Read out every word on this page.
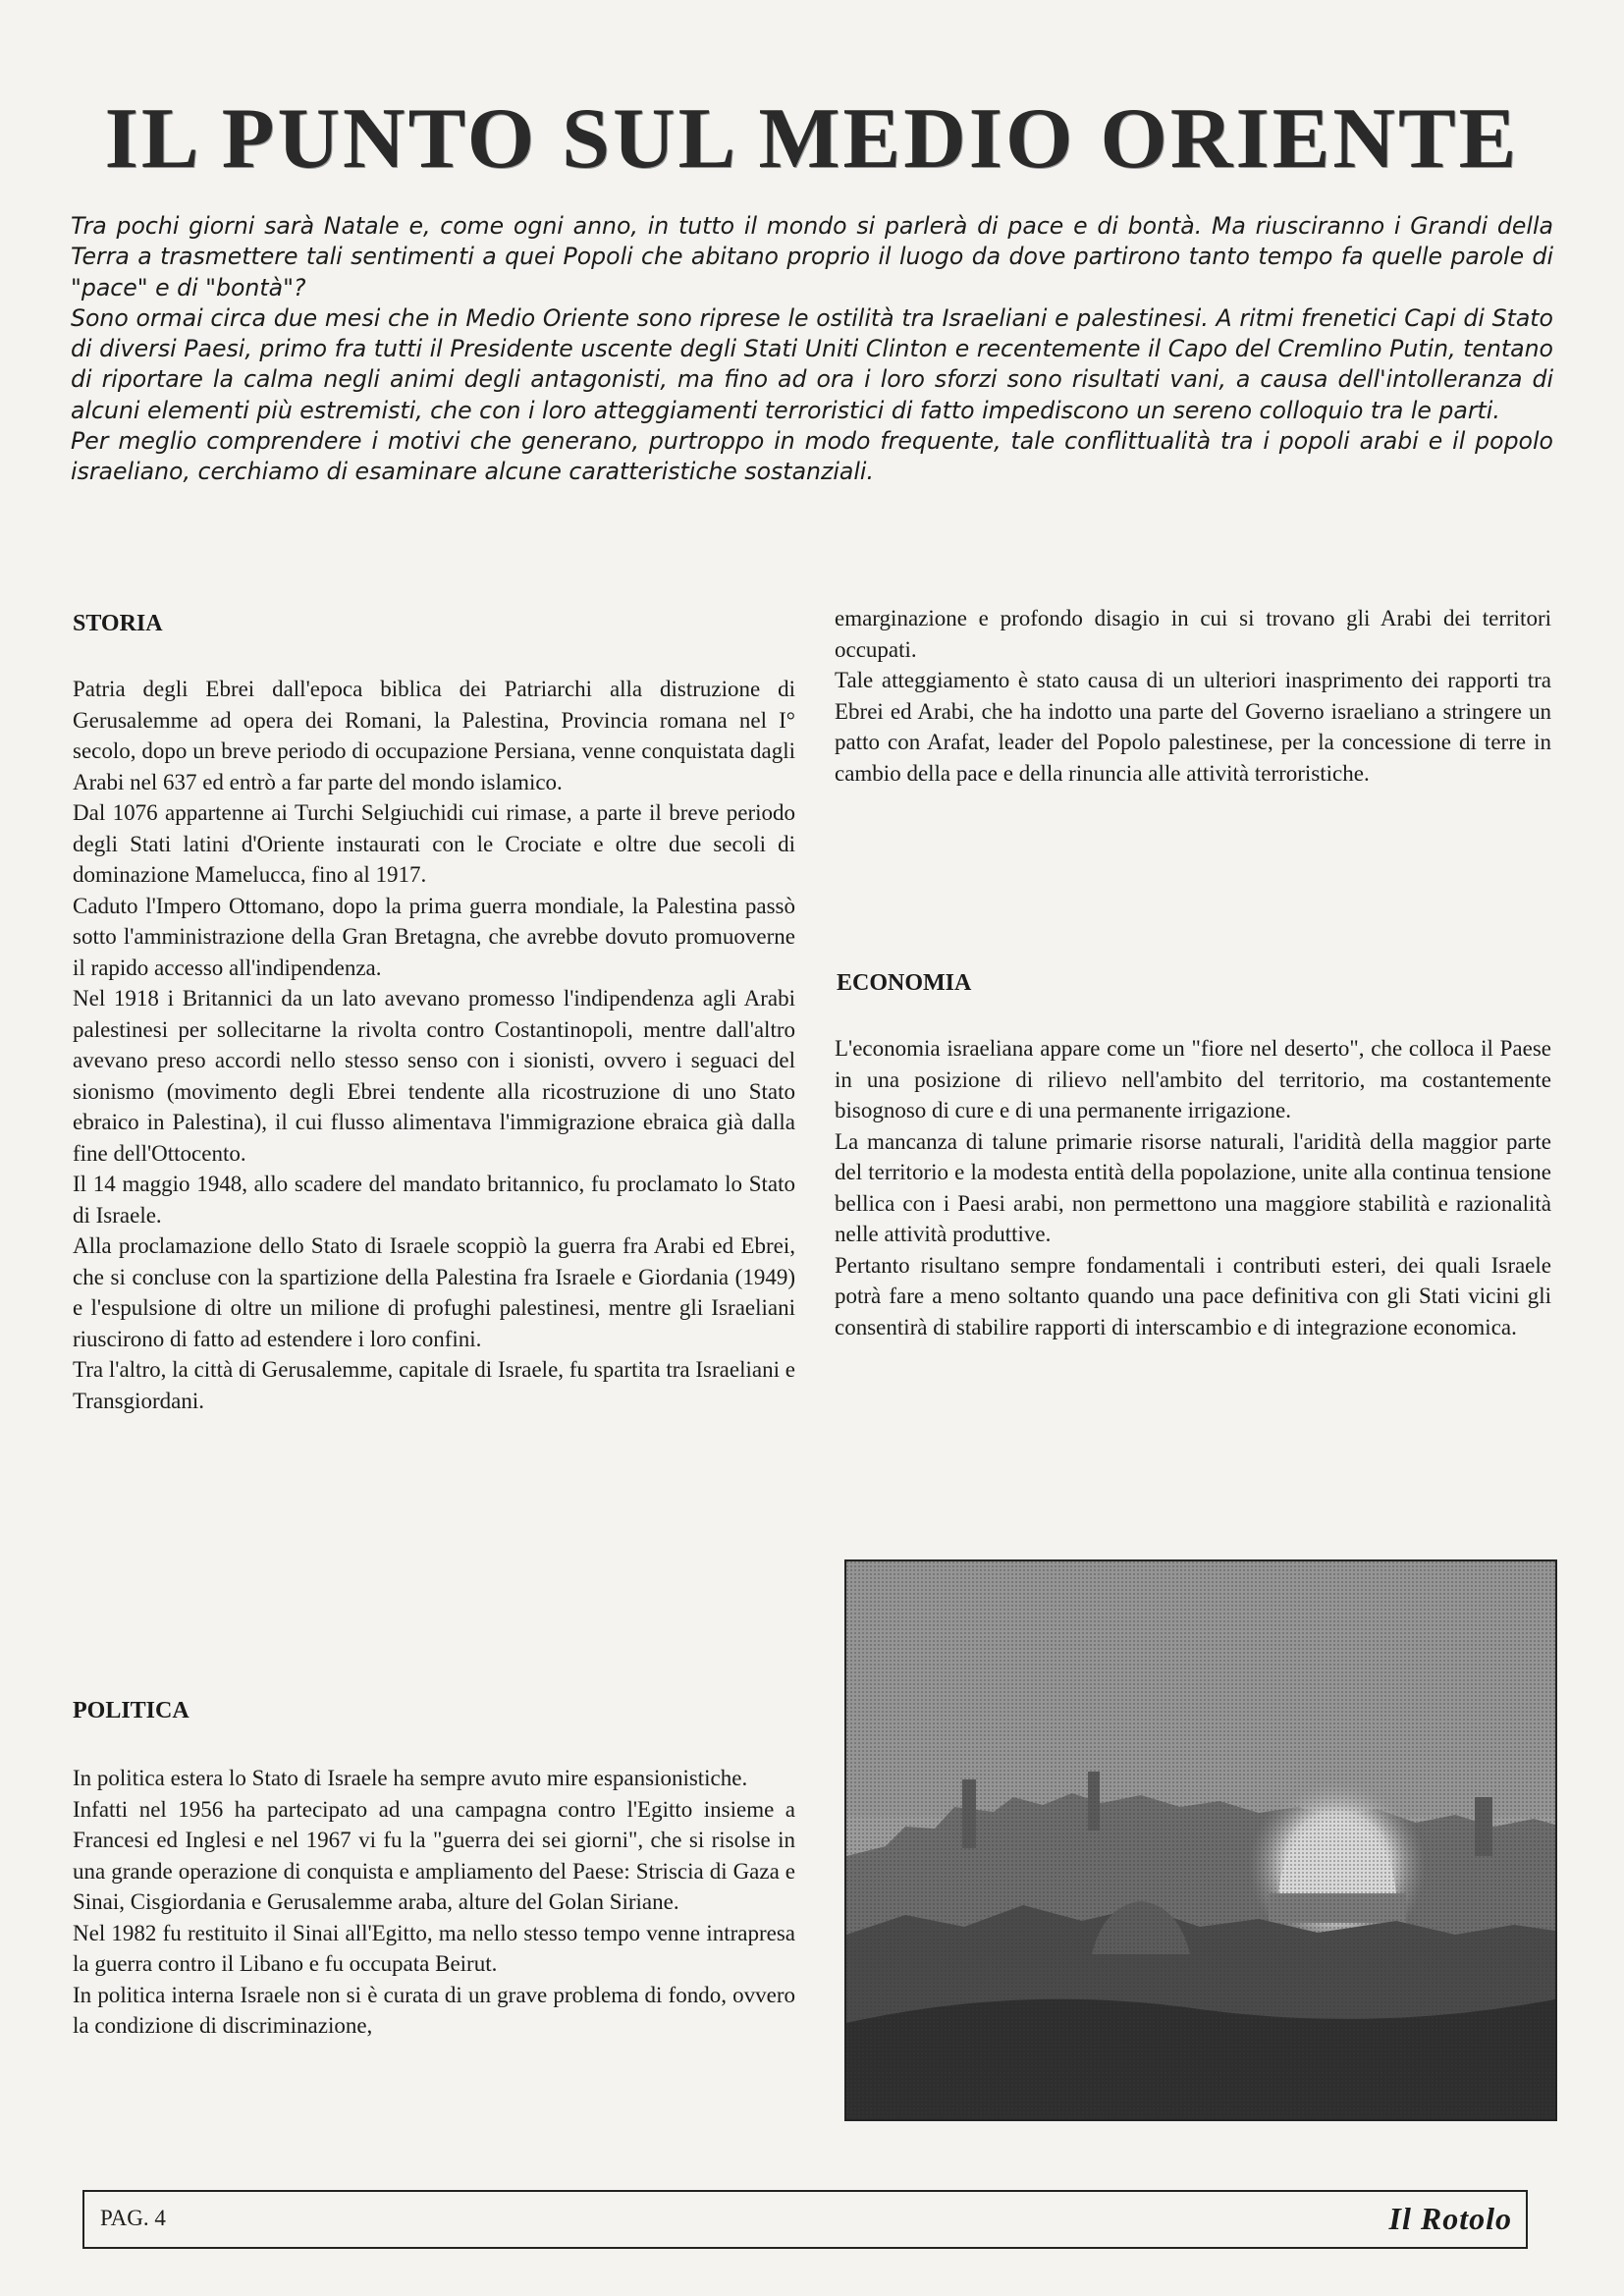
IL PUNTO SUL MEDIO ORIENTE

Tra pochi giorni sarà Natale e, come ogni anno, in tutto il mondo si parlerà di pace e di bontà. Ma riusciranno i Grandi della Terra a trasmettere tali sentimenti a quei Popoli che abitano proprio il luogo da dove partirono tanto tempo fa quelle parole di "pace" e di "bontà"?

Sono ormai circa due mesi che in Medio Oriente sono riprese le ostilità tra Israeliani e palestinesi. A ritmi frenetici Capi di Stato di diversi Paesi, primo fra tutti il Presidente uscente degli Stati Uniti Clinton e recentemente il Capo del Cremlino Putin, tentano di riportare la calma negli animi degli antagonisti, ma fino ad ora i loro sforzi sono risultati vani, a causa dell'intolleranza di alcuni elementi più estremisti, che con i loro atteggiamenti terroristici di fatto impediscono un sereno colloquio tra le parti.

Per meglio comprendere i motivi che generano, purtroppo in modo frequente, tale conflittualità tra i popoli arabi e il popolo israeliano, cerchiamo di esaminare alcune caratteristiche sostanziali.

STORIA

Patria degli Ebrei dall'epoca biblica dei Patriarchi alla distruzione di Gerusalemme ad opera dei Romani, la Palestina, Provincia romana nel I° secolo, dopo un breve periodo di occupazione Persiana, venne conquistata dagli Arabi nel 637 ed entrò a far parte del mondo islamico.

Dal 1076 appartenne ai Turchi Selgiuchidi cui rimase, a parte il breve periodo degli Stati latini d'Oriente instaurati con le Crociate e oltre due secoli di dominazione Mamelucca, fino al 1917.

Caduto l'Impero Ottomano, dopo la prima guerra mondiale, la Palestina passò sotto l'amministrazione della Gran Bretagna, che avrebbe dovuto promuoverne il rapido accesso all'indipendenza.

Nel 1918 i Britannici da un lato avevano promesso l'indipendenza agli Arabi palestinesi per sollecitarne la rivolta contro Costantinopoli, mentre dall'altro avevano preso accordi nello stesso senso con i sionisti, ovvero i seguaci del sionismo (movimento degli Ebrei tendente alla ricostruzione di uno Stato ebraico in Palestina), il cui flusso alimentava l'immigrazione ebraica già dalla fine dell'Ottocento.

Il 14 maggio 1948, allo scadere del mandato britannico, fu proclamato lo Stato di Israele.

Alla proclamazione dello Stato di Israele scoppiò la guerra fra Arabi ed Ebrei, che si concluse con la spartizione della Palestina fra Israele e Giordania (1949) e l'espulsione di oltre un milione di profughi palestinesi, mentre gli Israeliani riuscirono di fatto ad estendere i loro confini.

Tra l'altro, la città di Gerusalemme, capitale di Israele, fu spartita tra Israeliani e Transgiordani.

POLITICA

In politica estera lo Stato di Israele ha sempre avuto mire espansionistiche.

Infatti nel 1956 ha partecipato ad una campagna contro l'Egitto insieme a Francesi ed Inglesi e nel 1967 vi fu la "guerra dei sei giorni", che si risolse in una grande operazione di conquista e ampliamento del Paese: Striscia di Gaza e Sinai, Cisgiordania e Gerusalemme araba, alture del Golan Siriane.

Nel 1982 fu restituito il Sinai all'Egitto, ma nello stesso tempo venne intrapresa la guerra contro il Libano e fu occupata Beirut.

In politica interna Israele non si è curata di un grave problema di fondo, ovvero la condizione di discriminazione,

emarginazione e profondo disagio in cui si trovano gli Arabi dei territori occupati.

Tale atteggiamento è stato causa di un ulteriori inasprimento dei rapporti tra Ebrei ed Arabi, che ha indotto una parte del Governo israeliano a stringere un patto con Arafat, leader del Popolo palestinese, per la concessione di terre in cambio della pace e della rinuncia alle attività terroristiche.

ECONOMIA

L'economia israeliana appare come un "fiore nel deserto", che colloca il Paese in una posizione di rilievo nell'ambito del territorio, ma costantemente bisognoso di cure e di una permanente irrigazione.

La mancanza di talune primarie risorse naturali, l'aridità della maggior parte del territorio e la modesta entità della popolazione, unite alla continua tensione bellica con i Paesi arabi, non permettono una maggiore stabilità e razionalità nelle attività produttive.

Pertanto risultano sempre fondamentali i contributi esteri, dei quali Israele potrà fare a meno soltanto quando una pace definitiva con gli Stati vicini gli consentirà di stabilire rapporti di interscambio e di integrazione economica.

PAG. 4	Il Rotolo
